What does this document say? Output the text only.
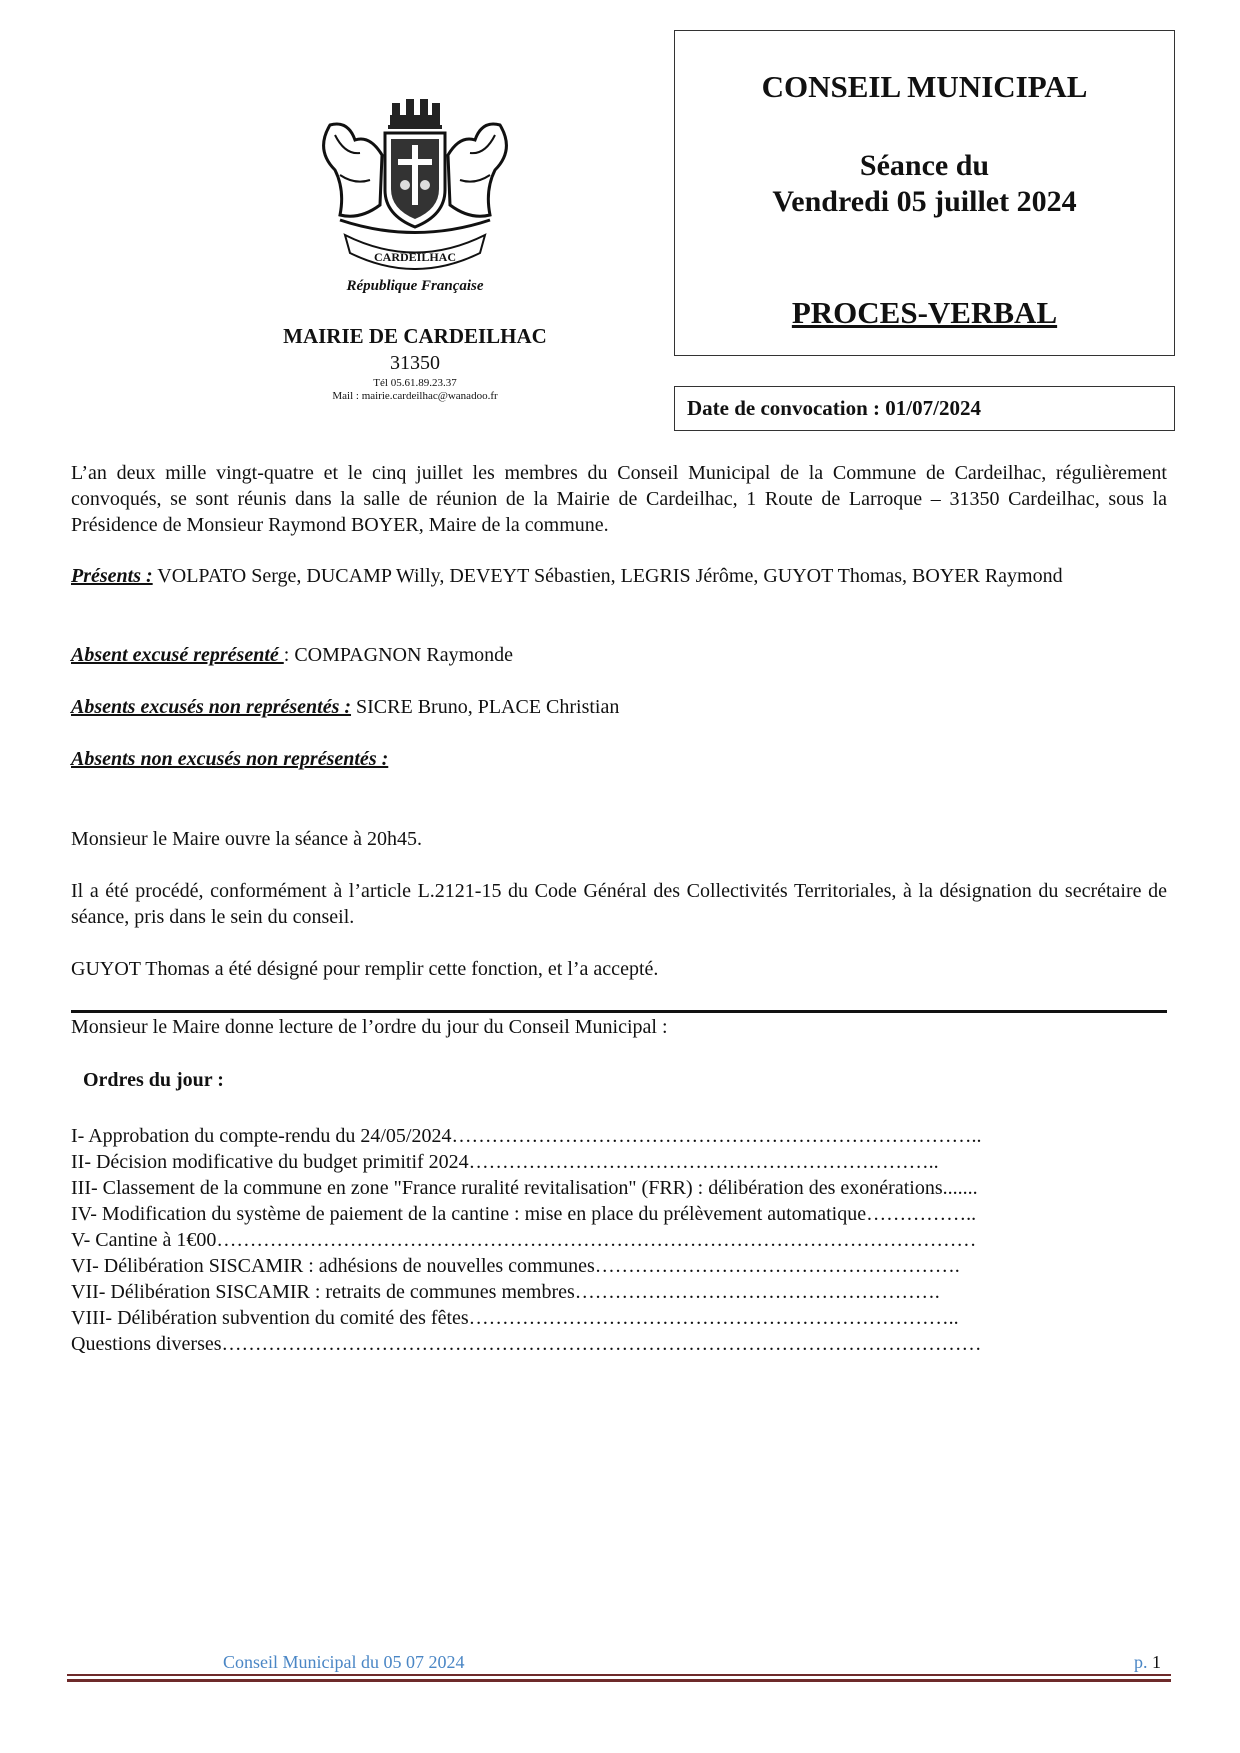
CARDEILHAC
République Française
MAIRIE DE CARDEILHAC
31350
Tél 05.61.89.23.37
Mail : mairie.cardeilhac@wanadoo.fr
CONSEIL MUNICIPAL
Séance du
Vendredi 05 juillet 2024
PROCES-VERBAL
Date de convocation : 01/07/2024
L’an deux mille vingt-quatre et le cinq juillet les membres du Conseil Municipal de la Commune de Cardeilhac, régulièrement convoqués, se sont réunis dans la salle de réunion de la Mairie de Cardeilhac, 1 Route de Larroque – 31350 Cardeilhac, sous la Présidence de Monsieur Raymond BOYER, Maire de la commune.
Présents : VOLPATO Serge, DUCAMP Willy, DEVEYT Sébastien, LEGRIS Jérôme, GUYOT Thomas, BOYER Raymond
Absent excusé représenté : COMPAGNON Raymonde
Absents excusés non représentés : SICRE Bruno, PLACE Christian
Absents non excusés non représentés :
Monsieur le Maire ouvre la séance à 20h45.
Il a été procédé, conformément à l’article L.2121-15 du Code Général des Collectivités Territoriales, à la désignation du secrétaire de séance, pris dans le sein du conseil.
GUYOT Thomas a été désigné pour remplir cette fonction, et l’a accepté.
Monsieur le Maire donne lecture de l’ordre du jour du Conseil Municipal :
Ordres du jour :
I- Approbation du compte-rendu du 24/05/2024……………………………………………………………………..
II- Décision modificative du budget primitif 2024……………………………………………………………..
III- Classement de la commune en zone "France ruralité revitalisation" (FRR) : délibération des exonérations.......
IV- Modification du système de paiement de la cantine : mise en place du prélèvement automatique……………..
V- Cantine à 1€00……………………………………………………………………………………………………
VI- Délibération SISCAMIR : adhésions de nouvelles communes……………………………………………….
VII- Délibération SISCAMIR : retraits de communes membres……………………………………………….
VIII- Délibération subvention du comité des fêtes………………………………………………………………..
Questions diverses……………………………………………………………………………………………………
Conseil Municipal du 05 07 2024	p. 1
